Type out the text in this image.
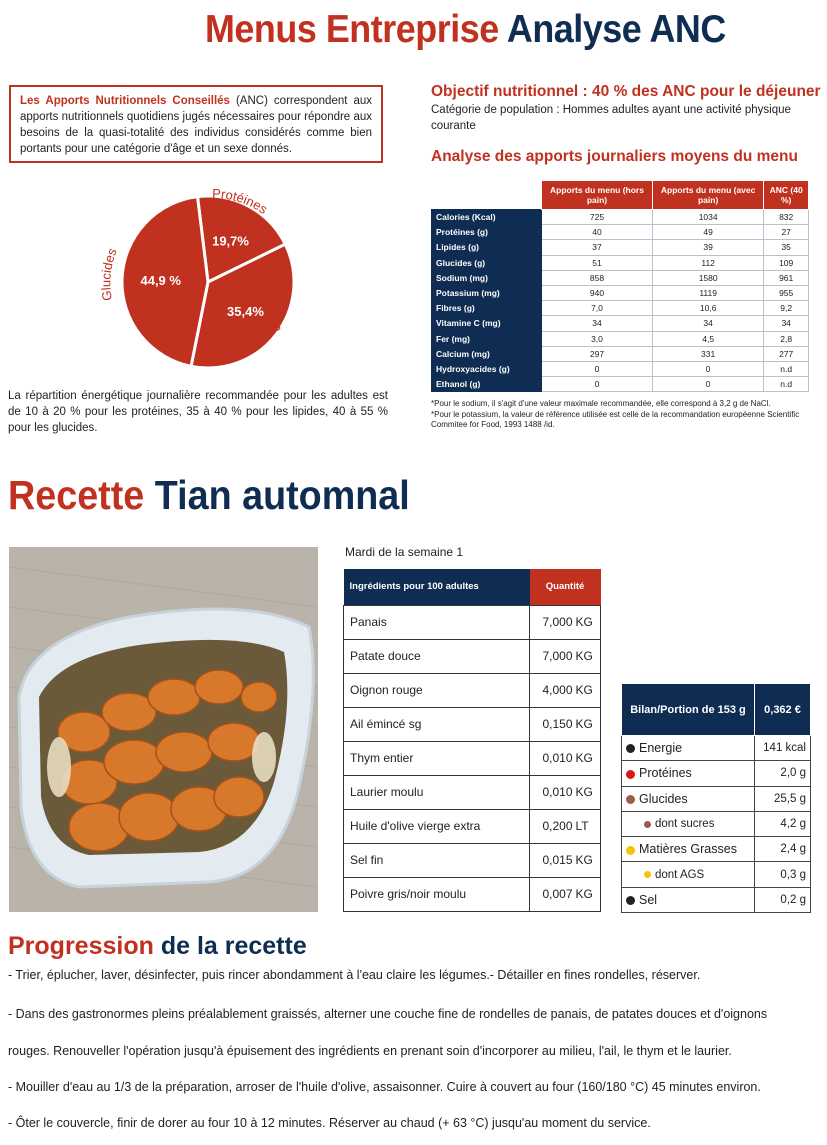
Menus Entreprise Analyse ANC
Les Apports Nutritionnels Conseillés (ANC) correspondent aux apports nutritionnels quotidiens jugés nécessaires pour répondre aux besoins de la quasi-totalité des individus considérés comme bien portants pour une catégorie d'âge et un sexe donnés.
19,7%
35,4%
44,9 %
Protéines
Lipides
Glucides
La répartition énergétique journalière recommandée pour les adultes est de 10 à 20 % pour les protéines, 35 à 40 % pour les lipides, 40 à 55 % pour les glucides.
Objectif nutritionnel : 40 % des ANC pour le déjeuner
Catégorie de population : Hommes adultes ayant une activité physique courante
Analyse des apports journaliers moyens du menu
	Apports du menu (hors pain)	Apports du menu (avec pain)	ANC (40 %)
Calories (Kcal)	725	1034	832
Protéines (g)	40	49	27
Lipides (g)	37	39	35
Glucides (g)	51	112	109
Sodium (mg)	858	1580	961
Potassium (mg)	940	1119	955
Fibres (g)	7,0	10,6	9,2
Vitamine C (mg)	34	34	34
Fer (mg)	3,0	4,5	2,8
Calcium (mg)	297	331	277
Hydroxyacides (g)	0	0	n.d
Ethanol (g)	0	0	n.d
*Pour le sodium, il s'agit d'une valeur maximale recommandée, elle correspond à 3,2 g de NaCl.
*Pour le potassium, la valeur de référence utilisée est celle de la recommandation européenne Scientific Commitee for Food, 1993 1488 /id.
Recette Tian automnal
Mardi de la semaine 1
Ingrédients pour 100 adultes	Quantité	
Panais	7,000	KG
Patate douce	7,000	KG
Oignon rouge	4,000	KG
Ail émincé sg	0,150	KG
Thym entier	0,010	KG
Laurier moulu	0,010	KG
Huile d'olive vierge extra	0,200	LT
Sel fin	0,015	KG
Poivre gris/noir moulu	0,007	KG
Bilan/Portion de 153 g	0,362 €
Energie	141 kcal
Protéines	2,0 g
Glucides	25,5 g
dont sucres	4,2 g
Matières Grasses	2,4 g
dont AGS	0,3 g
Sel	0,2 g
Progression de la recette
- Trier, éplucher, laver, désinfecter, puis rincer abondamment à l'eau claire les légumes.- Détailler en fines rondelles, réserver.
- Dans des gastronormes pleins préalablement graissés, alterner une couche fine de rondelles de panais, de patates douces et d'oignons
rouges. Renouveller l'opération jusqu'à épuisement des ingrédients en prenant soin d'incorporer au milieu, l'ail, le thym et le laurier.
- Mouiller d'eau au 1/3 de la préparation, arroser de l'huile d'olive, assaisonner. Cuire à couvert au four (160/180 °C) 45 minutes environ.
- Ôter le couvercle, finir de dorer au four 10 à 12 minutes. Réserver au chaud (+ 63 °C) jusqu'au moment du service.
